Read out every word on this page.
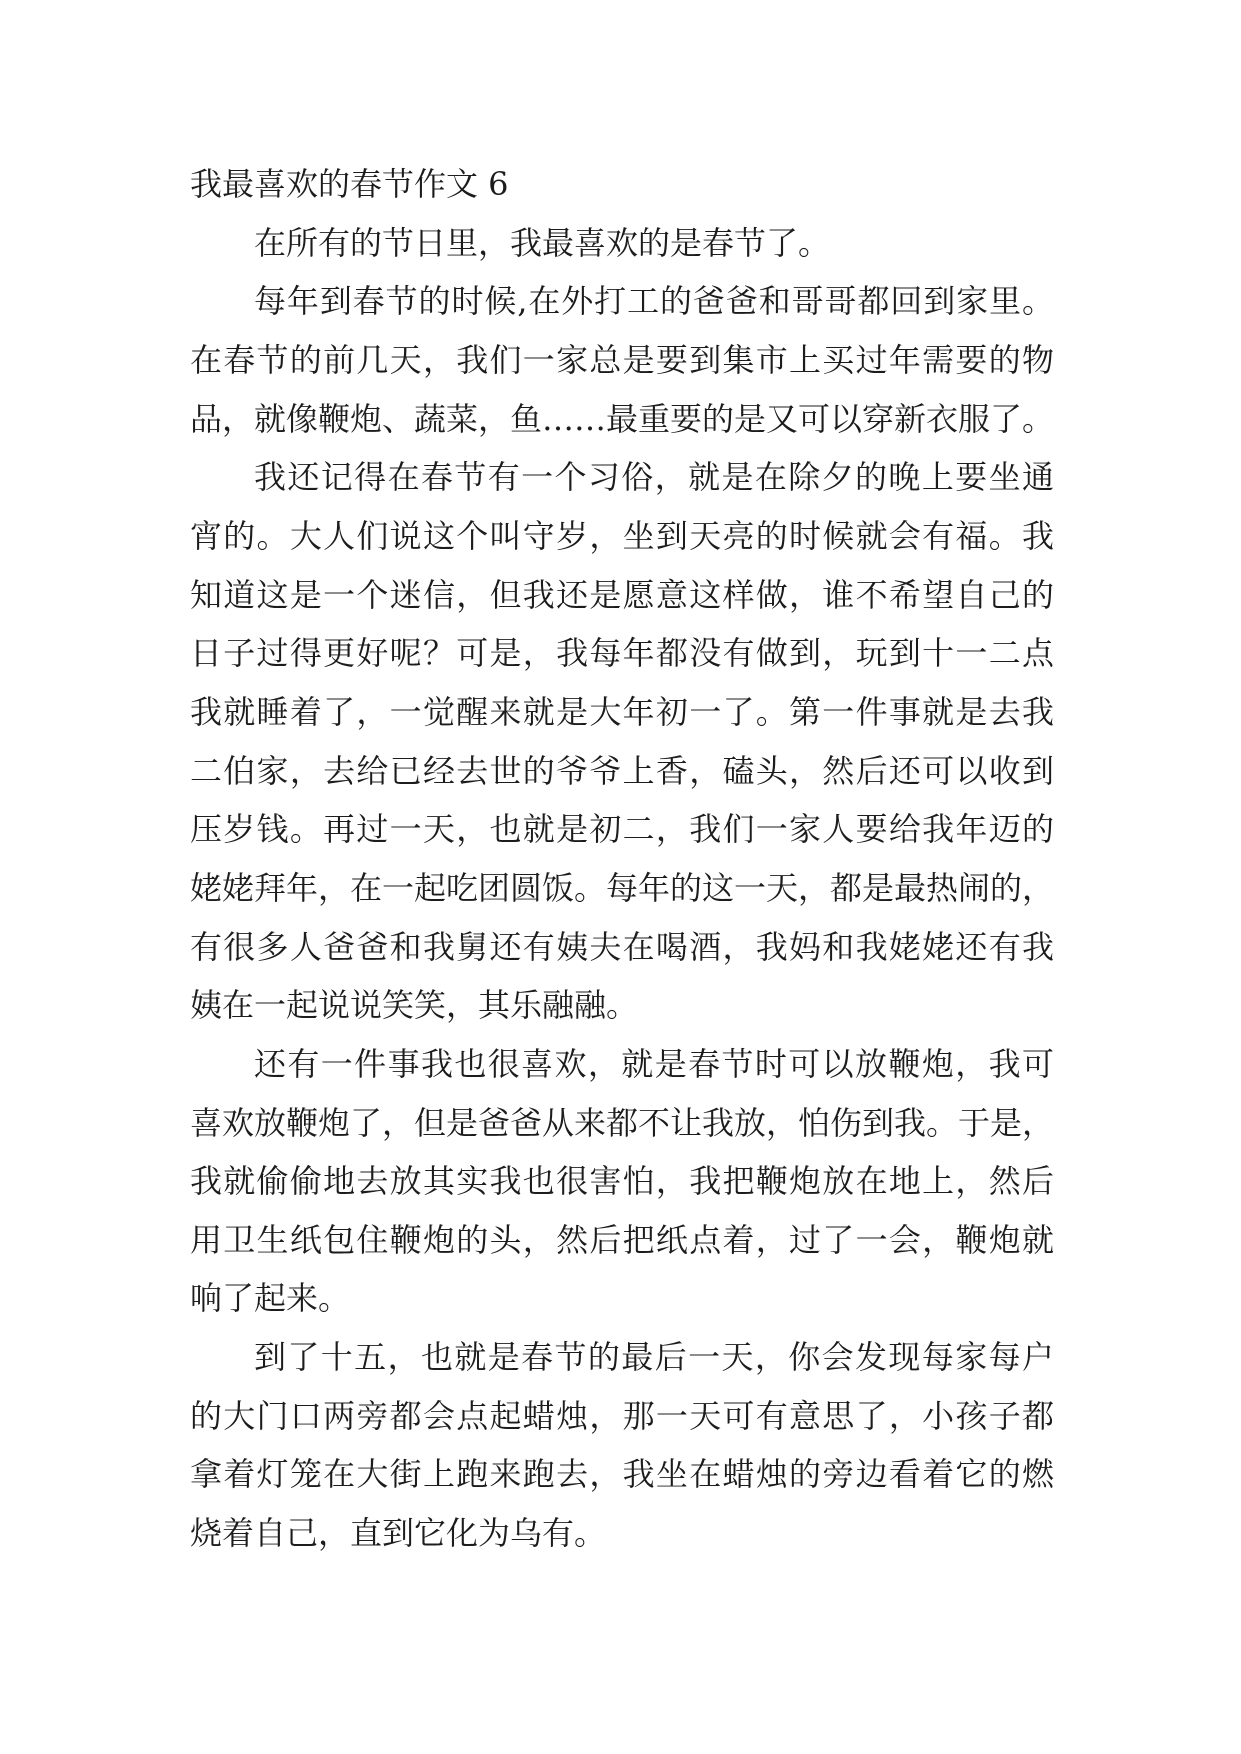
我最喜欢的春节作文 6
在所有的节日里，我最喜欢的是春节了。
每年到春节的时候,在外打工的爸爸和哥哥都回到家里。
在春节的前几天，我们一家总是要到集市上买过年需要的物
品，就像鞭炮、蔬菜，鱼……最重要的是又可以穿新衣服了。
我还记得在春节有一个习俗，就是在除夕的晚上要坐通
宵的。大人们说这个叫守岁，坐到天亮的时候就会有福。我
知道这是一个迷信，但我还是愿意这样做，谁不希望自己的
日子过得更好呢？可是，我每年都没有做到，玩到十一二点
我就睡着了，一觉醒来就是大年初一了。第一件事就是去我
二伯家，去给已经去世的爷爷上香，磕头，然后还可以收到
压岁钱。再过一天，也就是初二，我们一家人要给我年迈的
姥姥拜年，在一起吃团圆饭。每年的这一天，都是最热闹的，
有很多人爸爸和我舅还有姨夫在喝酒，我妈和我姥姥还有我
姨在一起说说笑笑，其乐融融。
还有一件事我也很喜欢，就是春节时可以放鞭炮，我可
喜欢放鞭炮了，但是爸爸从来都不让我放，怕伤到我。于是，
我就偷偷地去放其实我也很害怕，我把鞭炮放在地上，然后
用卫生纸包住鞭炮的头，然后把纸点着，过了一会，鞭炮就
响了起来。
到了十五，也就是春节的最后一天，你会发现每家每户
的大门口两旁都会点起蜡烛，那一天可有意思了，小孩子都
拿着灯笼在大街上跑来跑去，我坐在蜡烛的旁边看着它的燃
烧着自己，直到它化为乌有。
